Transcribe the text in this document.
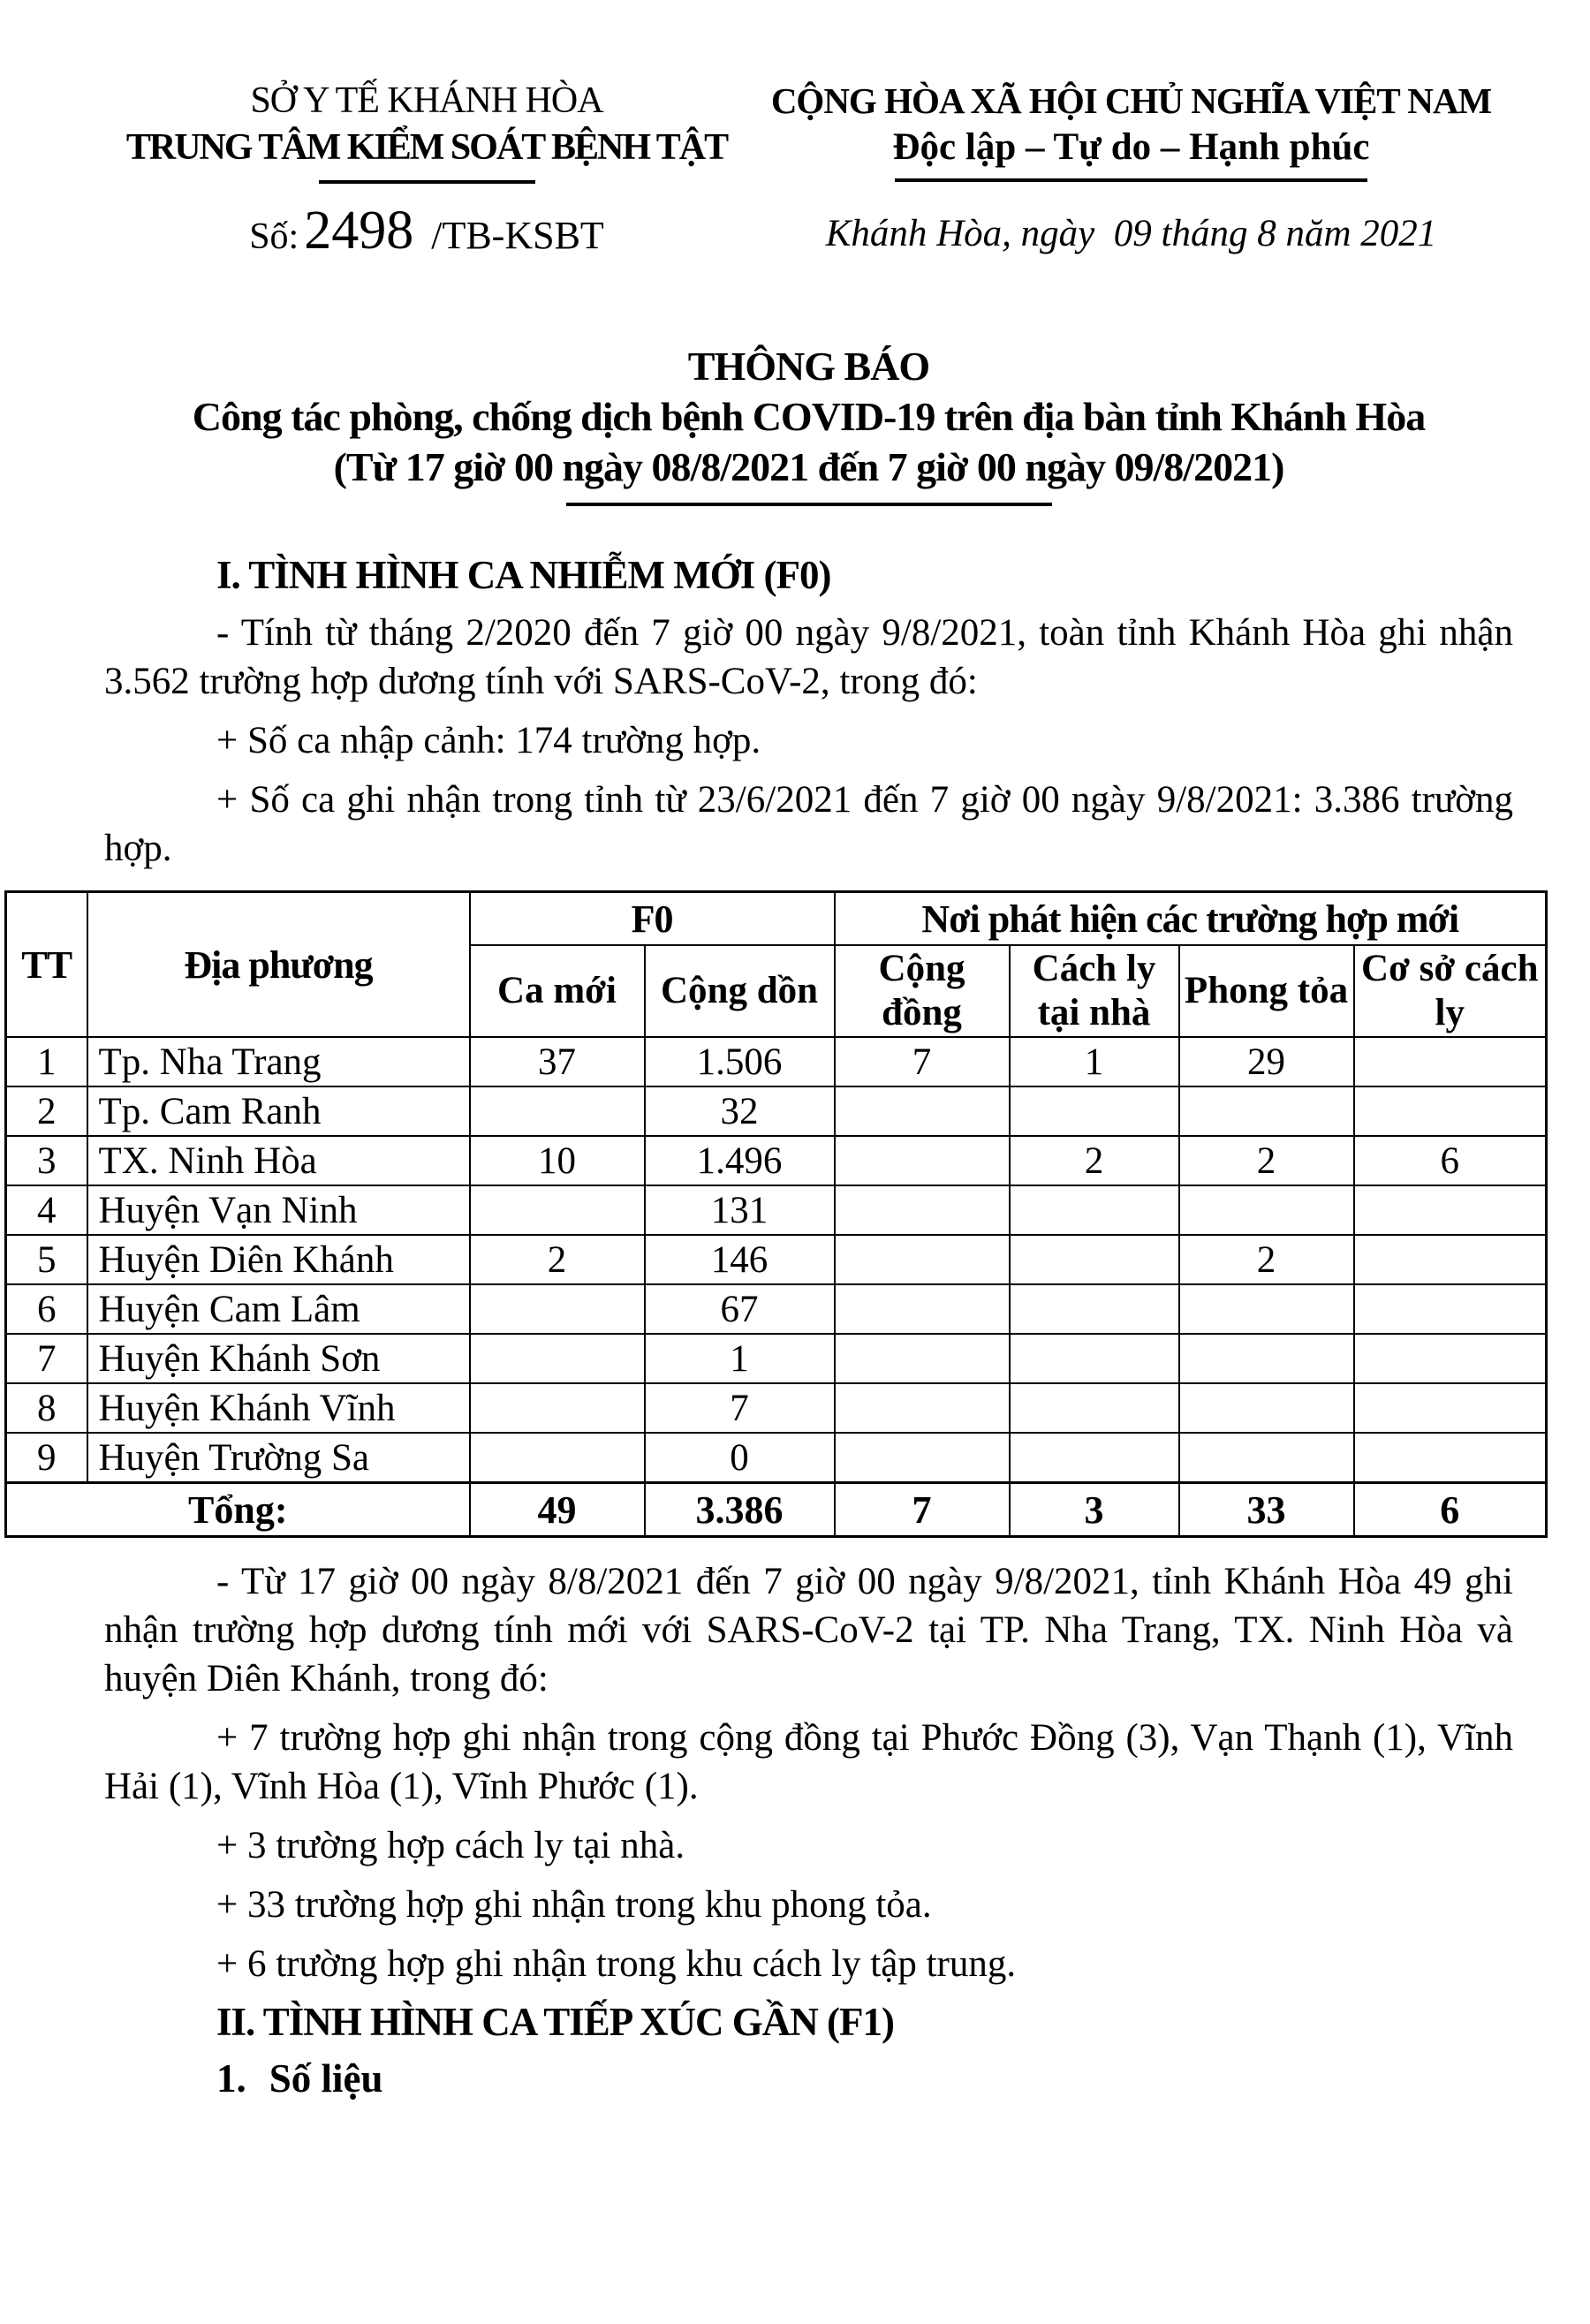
SỞ Y TẾ KHÁNH HÒA
TRUNG TÂM KIỂM SOÁT BỆNH TẬT
Số:2498 /TB-KSBT
CỘNG HÒA XÃ HỘI CHỦ NGHĨA VIỆT NAM
Độc lập – Tự do – Hạnh phúc
Khánh Hòa, ngày  09 tháng 8 năm 2021
THÔNG BÁO
Công tác phòng, chống dịch bệnh COVID-19 trên địa bàn tỉnh Khánh Hòa
(Từ 17 giờ 00 ngày 08/8/2021 đến 7 giờ 00 ngày 09/8/2021)
I. TÌNH HÌNH CA NHIỄM MỚI (F0)

- Tính từ tháng 2/2020 đến 7 giờ 00 ngày 9/8/2021, toàn tỉnh Khánh Hòa ghi nhận 3.562 trường hợp dương tính với SARS-CoV-2, trong đó:

+ Số ca nhập cảnh: 174 trường hợp.

+ Số ca ghi nhận trong tỉnh từ 23/6/2021 đến 7 giờ 00 ngày 9/8/2021: 3.386 trường hợp.

TT	Địa phương	F0		Nơi phát hiện các trường hợp mới			
		Ca mới	Cộng dồn	Cộng đồng	Cách ly tại nhà	Phong tỏa	Cơ sở cách ly
1	Tp. Nha Trang	37	1.506	7	1	29	
2	Tp. Cam Ranh		32				
3	TX. Ninh Hòa	10	1.496		2	2	6
4	Huyện Vạn Ninh		131				
5	Huyện Diên Khánh	2	146			2	
6	Huyện Cam Lâm		67				
7	Huyện Khánh Sơn		1				
8	Huyện Khánh Vĩnh		7				
9	Huyện Trường Sa		0				
Tổng:		49	3.386	7	3	33	6

- Từ 17 giờ 00 ngày 8/8/2021 đến 7 giờ 00 ngày 9/8/2021, tỉnh Khánh Hòa 49 ghi nhận trường hợp dương tính mới với SARS-CoV-2 tại TP. Nha Trang, TX. Ninh Hòa và huyện Diên Khánh, trong đó:

+ 7 trường hợp ghi nhận trong cộng đồng tại Phước Đồng (3), Vạn Thạnh (1), Vĩnh Hải (1), Vĩnh Hòa (1), Vĩnh Phước (1).

+ 3 trường hợp cách ly tại nhà.

+ 33 trường hợp ghi nhận trong khu phong tỏa.

+ 6 trường hợp ghi nhận trong khu cách ly tập trung.

II. TÌNH HÌNH CA TIẾP XÚC GẦN (F1)
1. Số liệu
